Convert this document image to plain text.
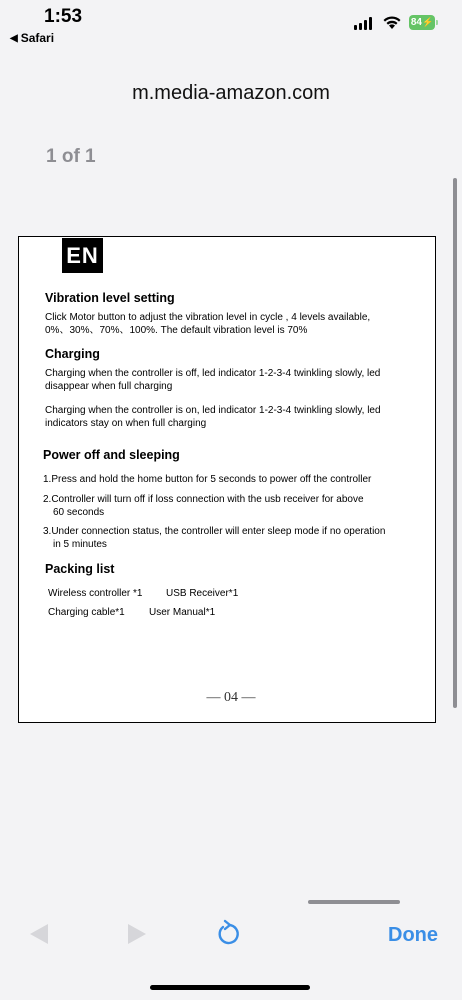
1:53
◀ Safari
84 ⚡
m.media-amazon.com
1 of 1
EN
Vibration level setting
Click Motor button to adjust the vibration level in cycle , 4 levels available,
0%、30%、70%、100%. The default vibration level is 70%
Charging
Charging when the controller is off, led indicator 1-2-3-4 twinkling slowly, led
disappear when full charging
Charging when the controller is on, led indicator 1-2-3-4 twinkling slowly, led
indicators stay on when full charging
Power off and sleeping
1.Press and hold the home button for 5 seconds to power off the controller
2.Controller will turn off if loss connection with the usb receiver for above
60 seconds
3.Under connection status, the controller will enter sleep mode if no operation
in 5 minutes
Packing list
Wireless controller *1 USB Receiver*1
Charging cable*1 User Manual*1
— 04 —
Done
